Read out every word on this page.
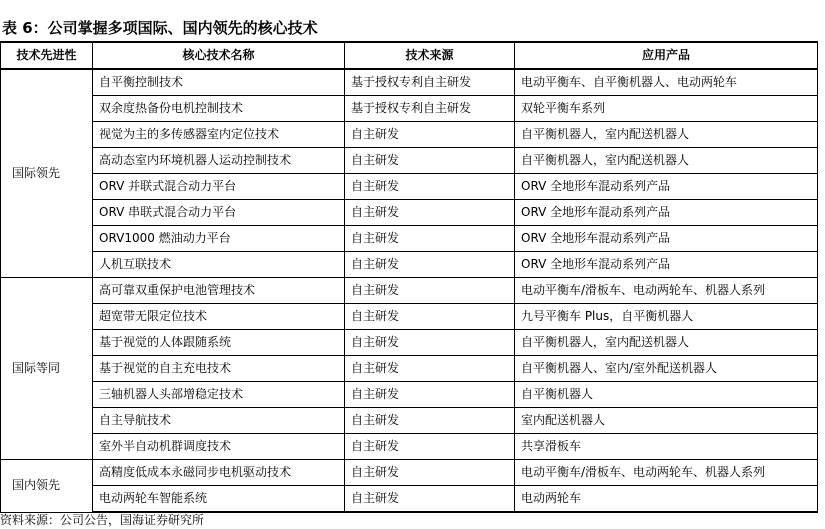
表 6：公司掌握多项国际、国内领先的核心技术
技术先进性	核心技术名称	技术来源	应用产品
国际领先	自平衡控制技术	基于授权专利自主研发	电动平衡车、自平衡机器人、电动两轮车
	双余度热备份电机控制技术	基于授权专利自主研发	双轮平衡车系列
	视觉为主的多传感器室内定位技术	自主研发	自平衡机器人，室内配送机器人
	高动态室内环境机器人运动控制技术	自主研发	自平衡机器人，室内配送机器人
	ORV 并联式混合动力平台	自主研发	ORV 全地形车混动系列产品
	ORV 串联式混合动力平台	自主研发	ORV 全地形车混动系列产品
	ORV1000 燃油动力平台	自主研发	ORV 全地形车混动系列产品
	人机互联技术	自主研发	ORV 全地形车混动系列产品
国际等同	高可靠双重保护电池管理技术	自主研发	电动平衡车/滑板车、电动两轮车、机器人系列
	超宽带无限定位技术	自主研发	九号平衡车 Plus，自平衡机器人
	基于视觉的人体跟随系统	自主研发	自平衡机器人，室内配送机器人
	基于视觉的自主充电技术	自主研发	自平衡机器人、室内/室外配送机器人
	三轴机器人头部增稳定技术	自主研发	自平衡机器人
	自主导航技术	自主研发	室内配送机器人
	室外半自动机群调度技术	自主研发	共享滑板车
国内领先	高精度低成本永磁同步电机驱动技术	自主研发	电动平衡车/滑板车、电动两轮车、机器人系列
	电动两轮车智能系统	自主研发	电动两轮车
资料来源：公司公告，国海证券研究所
